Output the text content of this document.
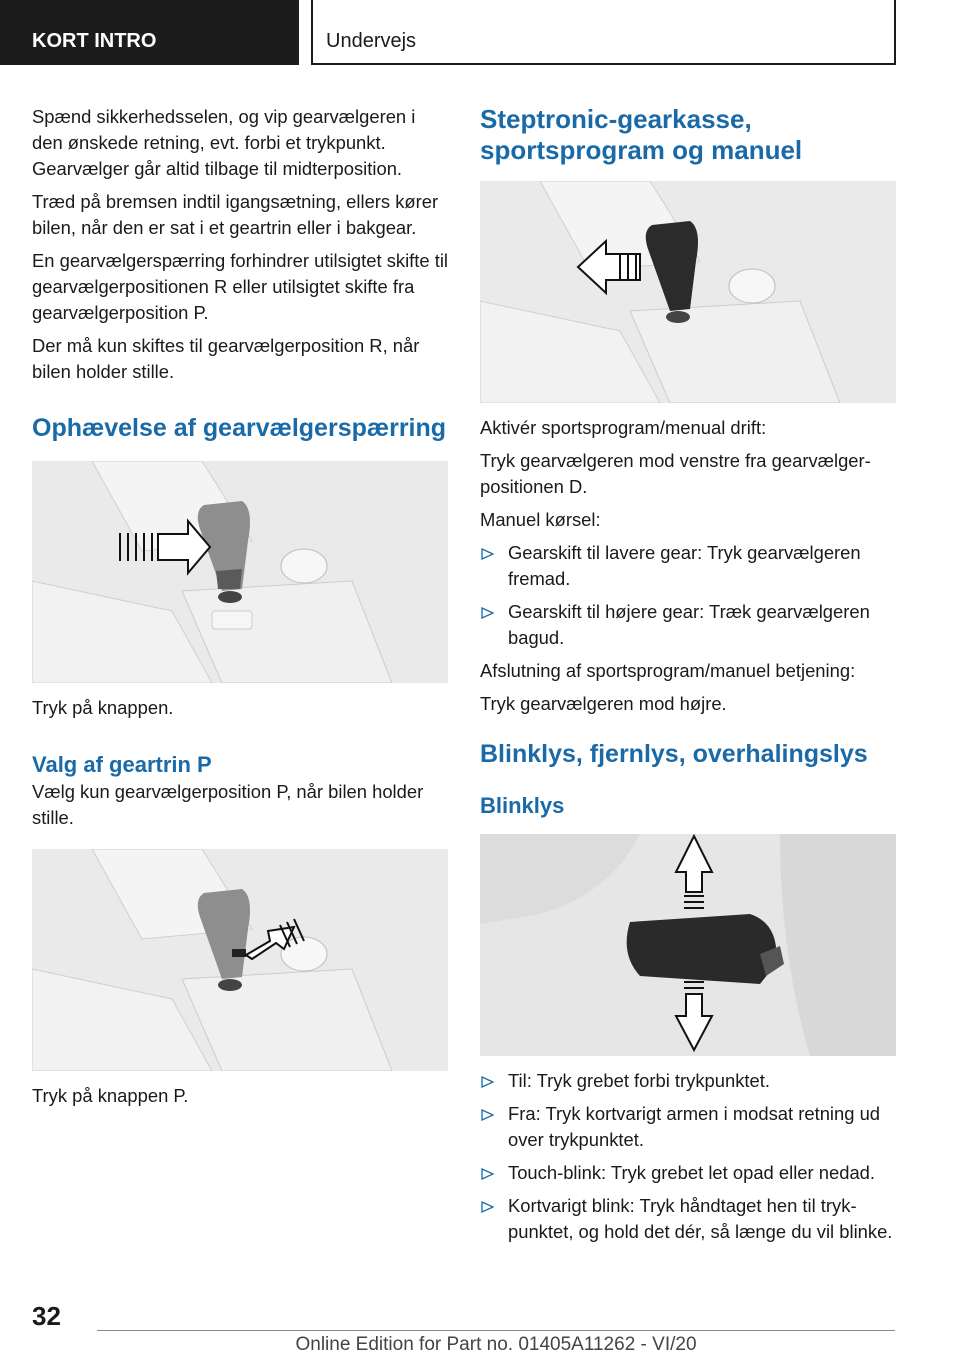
KORT INTRO	Undervejs

Spænd sikkerhedsselen, og vip gearvælgeren i den ønskede retning, evt. forbi et trykpunkt. Gearvælger går altid tilbage til midterposition.

Træd på bremsen indtil igangsætning, ellers kører bilen, når den er sat i et geartrin eller i bakgear.

En gearvælgerspærring forhindrer utilsigtet skifte til gearvælgerpositionen R eller utilsigtet skifte fra gearvælgerposition P.

Der må kun skiftes til gearvælgerposition R, når bilen holder stille.

Ophævelse af gearvælgerspærring

Tryk på knappen.

Valg af geartrin P

Vælg kun gearvælgerposition P, når bilen holder stille.

Tryk på knappen P.

Steptronic-gearkasse, sportsprogram og manuel

Aktivér sportsprogram/menual drift:

Tryk gearvælgeren mod venstre fra gearvælgerpositionen D.

Manuel kørsel:

Gearskift til lavere gear: Tryk gearvælgeren fremad.
Gearskift til højere gear: Træk gearvælgeren bagud.

Afslutning af sportsprogram/manuel betjening:

Tryk gearvælgeren mod højre.

Blinklys, fjernlys, overhalingslys
Blinklys
Til: Tryk grebet forbi trykpunktet.
Fra: Tryk kortvarigt armen i modsat retning ud over trykpunktet.
Touch-blink: Tryk grebet let opad eller nedad.
Kortvarigt blink: Tryk håndtaget hen til trykpunktet, og hold det dér, så længe du vil blinke.
32
Online Edition for Part no. 01405A11262 - VI/20
